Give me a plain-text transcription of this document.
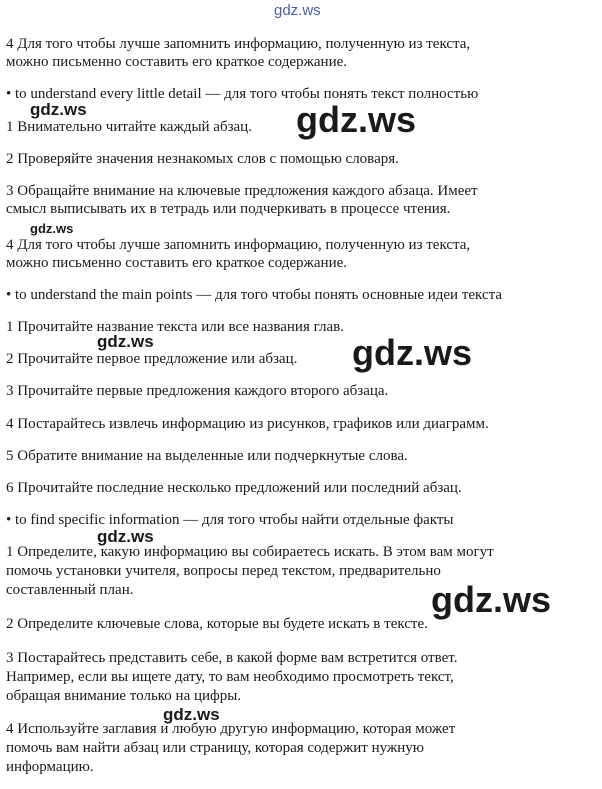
gdz.ws

4 Для того чтобы лучше запомнить информацию, полученную из текста,

можно письменно составить его краткое содержание.

• to understand every little detail — для того чтобы понять текст полностью

1 Внимательно читайте каждый абзац.

2 Проверяйте значения незнакомых слов с помощью словаря.

3 Обращайте внимание на ключевые предложения каждого абзаца. Имеет

смысл выписывать их в тетрадь или подчеркивать в процессе чтения.

4 Для того чтобы лучше запомнить информацию, полученную из текста,

можно письменно составить его краткое содержание.

• to understand the main points — для того чтобы понять основные идеи текста

1 Прочитайте название текста или все названия глав.

2 Прочитайте первое предложение или абзац.

3 Прочитайте первые предложения каждого второго абзаца.

4 Постарайтесь извлечь информацию из рисунков, графиков или диаграмм.

5 Обратите внимание на выделенные или подчеркнутые слова.

6 Прочитайте последние несколько предложений или последний абзац.

• to find specific information — для того чтобы найти отдельные факты

1 Определите, какую информацию вы собираетесь искать. В этом вам могут

помочь установки учителя, вопросы перед текстом, предварительно

составленный план.

2 Определите ключевые слова, которые вы будете искать в тексте.

3 Постарайтесь представить себе, в какой форме вам встретится ответ.

Например, если вы ищете дату, то вам необходимо просмотреть текст,

обращая внимание только на цифры.

4 Используйте заглавия и любую другую информацию, которая может

помочь вам найти абзац или страницу, которая содержит нужную

информацию.

gdz.ws	gdz.ws
gdz.ws
gdz.ws	gdz.ws
gdz.ws
gdz.ws
gdz.ws
